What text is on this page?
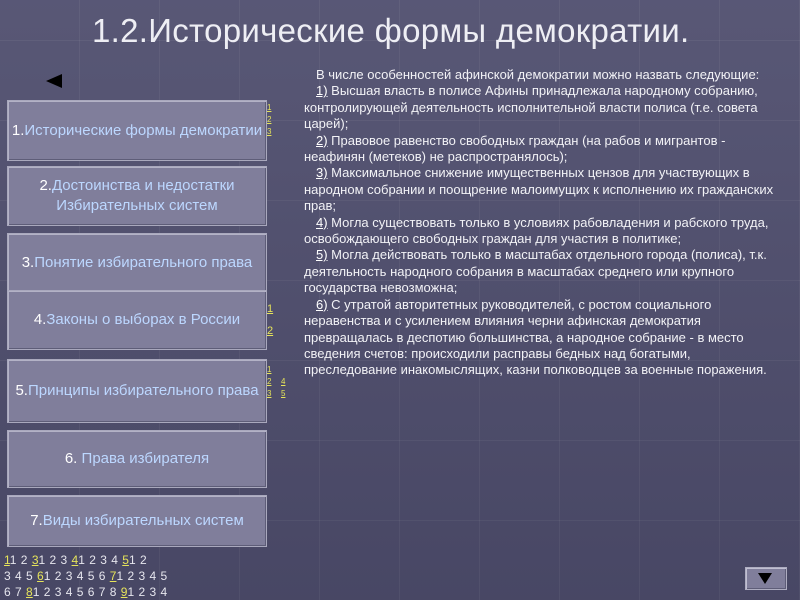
1.2.Исторические формы демократии.
1.Исторические формы демократии
1
2
3
2.Достоинства и недостатки Избирательных систем
3.Понятие избирательного права
4.Законы о выборах в России
1
2
5.Принципы избирательного права
1
2
3
4
5
6. Права избирателя
7.Виды избирательных систем

В числе особенностей афинской демократии можно назвать следующие:

1) Высшая власть в полисе Афины принадлежала народному собранию, контролирующей деятельность исполнительной власти полиса (т.е. совета царей);

2) Правовое равенство свободных граждан (на рабов и мигрантов - неафинян (метеков) не распространялось);

3) Максимальное снижение имущественных цензов для участвующих в народном собрании и поощрение малоимущих к исполнению их гражданских прав;

4) Могла существовать только в условиях рабовладения и рабского труда, освобождающего свободных граждан для участия в политике;

5) Могла действовать только в масштабах отдельного города (полиса), т.к. деятельность народного собрания в масштабах среднего или крупного государства невозможна;

6) С утратой авторитетных руководителей, с ростом социального неравенства и с усилением влияния черни афинская демократия превращалась в деспотию большинства, а народное собрание - в место сведения счетов: происходили расправы бедных над богатыми, преследование инакомыслящих, казни полководцев за военные поражения.

11 2 31 2 3 41 2 3 4 51 2
3 4 5 61 2 3 4 5 6 71 2 3 4 5
6 7 81 2 3 4 5 6 7 8 91 2 3 4
